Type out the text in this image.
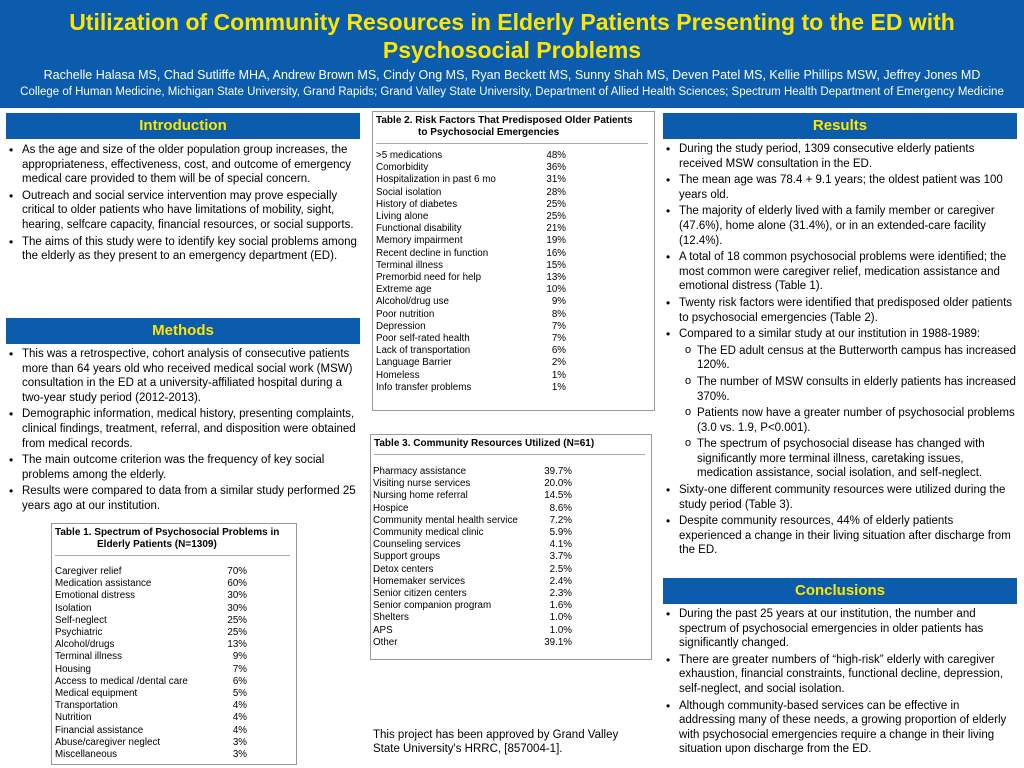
Utilization of Community Resources in Elderly Patients Presenting to the ED with Psychosocial Problems
Rachelle Halasa MS, Chad Sutliffe MHA, Andrew Brown MS, Cindy Ong MS, Ryan Beckett MS, Sunny Shah MS, Deven Patel MS, Kellie Phillips MSW, Jeffrey Jones MD
College of Human Medicine, Michigan State University, Grand Rapids; Grand Valley State University, Department of Allied Health Sciences; Spectrum Health Department of Emergency Medicine
Introduction
• As the age and size of the older population group increases, the appropriateness, effectiveness, cost, and outcome of emergency medical care provided to them will be of special concern.
• Outreach and social service intervention may prove especially critical to older patients who have limitations of mobility, sight, hearing, selfcare capacity, financial resources, or social supports.
• The aims of this study were to identify key social problems among the elderly as they present to an emergency department (ED).
Methods
• This was a retrospective, cohort analysis of consecutive patients more than 64 years old who received medical social work (MSW) consultation in the ED at a university-affiliated hospital during a two-year study period (2012-2013).
• Demographic information, medical history, presenting complaints, clinical findings, treatment, referral, and disposition were obtained from medical records.
• The main outcome criterion was the frequency of key social problems among the elderly.
• Results were compared to data from a similar study performed 25 years ago at our institution.
Table 1. Spectrum of Psychosocial Problems in
Elderly Patients (N=1309)
Caregiver relief	70%
Medication assistance	60%
Emotional distress	30%
Isolation	30%
Self-neglect	25%
Psychiatric	25%
Alcohol/drugs	13%
Terminal illness	9%
Housing	7%
Access to medical /dental care	6%
Medical equipment	5%
Transportation	4%
Nutrition	4%
Financial assistance	4%
Abuse/caregiver neglect	3%
Miscellaneous	3%
Table 2. Risk Factors That Predisposed Older Patients
to Psychosocial Emergencies
>5 medications	48%
Comorbidity	36%
Hospitalization in past 6 mo	31%
Social isolation	28%
History of diabetes	25%
Living alone	25%
Functional disability	21%
Memory impairment	19%
Recent decline in function	16%
Terminal illness	15%
Premorbid need for help	13%
Extreme age	10%
Alcohol/drug use	9%
Poor nutrition	8%
Depression	7%
Poor self-rated health	7%
Lack of transportation	6%
Language Barrier	2%
Homeless	1%
Info transfer problems	1%
Table 3. Community Resources Utilized (N=61)
Pharmacy assistance	39.7%
Visiting nurse services	20.0%
Nursing home referral	14.5%
Hospice	8.6%
Community mental health service	7.2%
Community medical clinic	5.9%
Counseling services	4.1%
Support groups	3.7%
Detox centers	2.5%
Homemaker services	2.4%
Senior citizen centers	2.3%
Senior companion program	1.6%
Shelters	1.0%
APS	1.0%
Other	39.1%
This project has been approved by Grand Valley State University's HRRC, [857004-1].
Results
• During the study period, 1309 consecutive elderly patients received MSW consultation in the ED.
• The mean age was 78.4 + 9.1 years; the oldest patient was 100 years old.
• The majority of elderly lived with a family member or caregiver (47.6%), home alone (31.4%), or in an extended-care facility (12.4%).
• A total of 18 common psychosocial problems were identified; the most common were caregiver relief, medication assistance and emotional distress (Table 1).
• Twenty risk factors were identified that predisposed older patients to psychosocial emergencies (Table 2).
• Compared to a similar study at our institution in 1988-1989:
o The ED adult census at the Butterworth campus has increased 120%.
o The number of MSW consults in elderly patients has increased 370%.
o Patients now have a greater number of psychosocial problems (3.0 vs. 1.9, P<0.001).
o The spectrum of psychosocial disease has changed with significantly more terminal illness, caretaking issues, medication assistance, social isolation, and self-neglect.
• Sixty-one different community resources were utilized during the study period (Table 3).
• Despite community resources, 44% of elderly patients experienced a change in their living situation after discharge from the ED.
Conclusions
• During the past 25 years at our institution, the number and spectrum of psychosocial emergencies in older patients has significantly changed.
• There are greater numbers of “high-risk” elderly with caregiver exhaustion, financial constraints, functional decline, depression, self-neglect, and social isolation.
• Although community-based services can be effective in addressing many of these needs, a growing proportion of elderly with psychosocial emergencies require a change in their living situation upon discharge from the ED.
